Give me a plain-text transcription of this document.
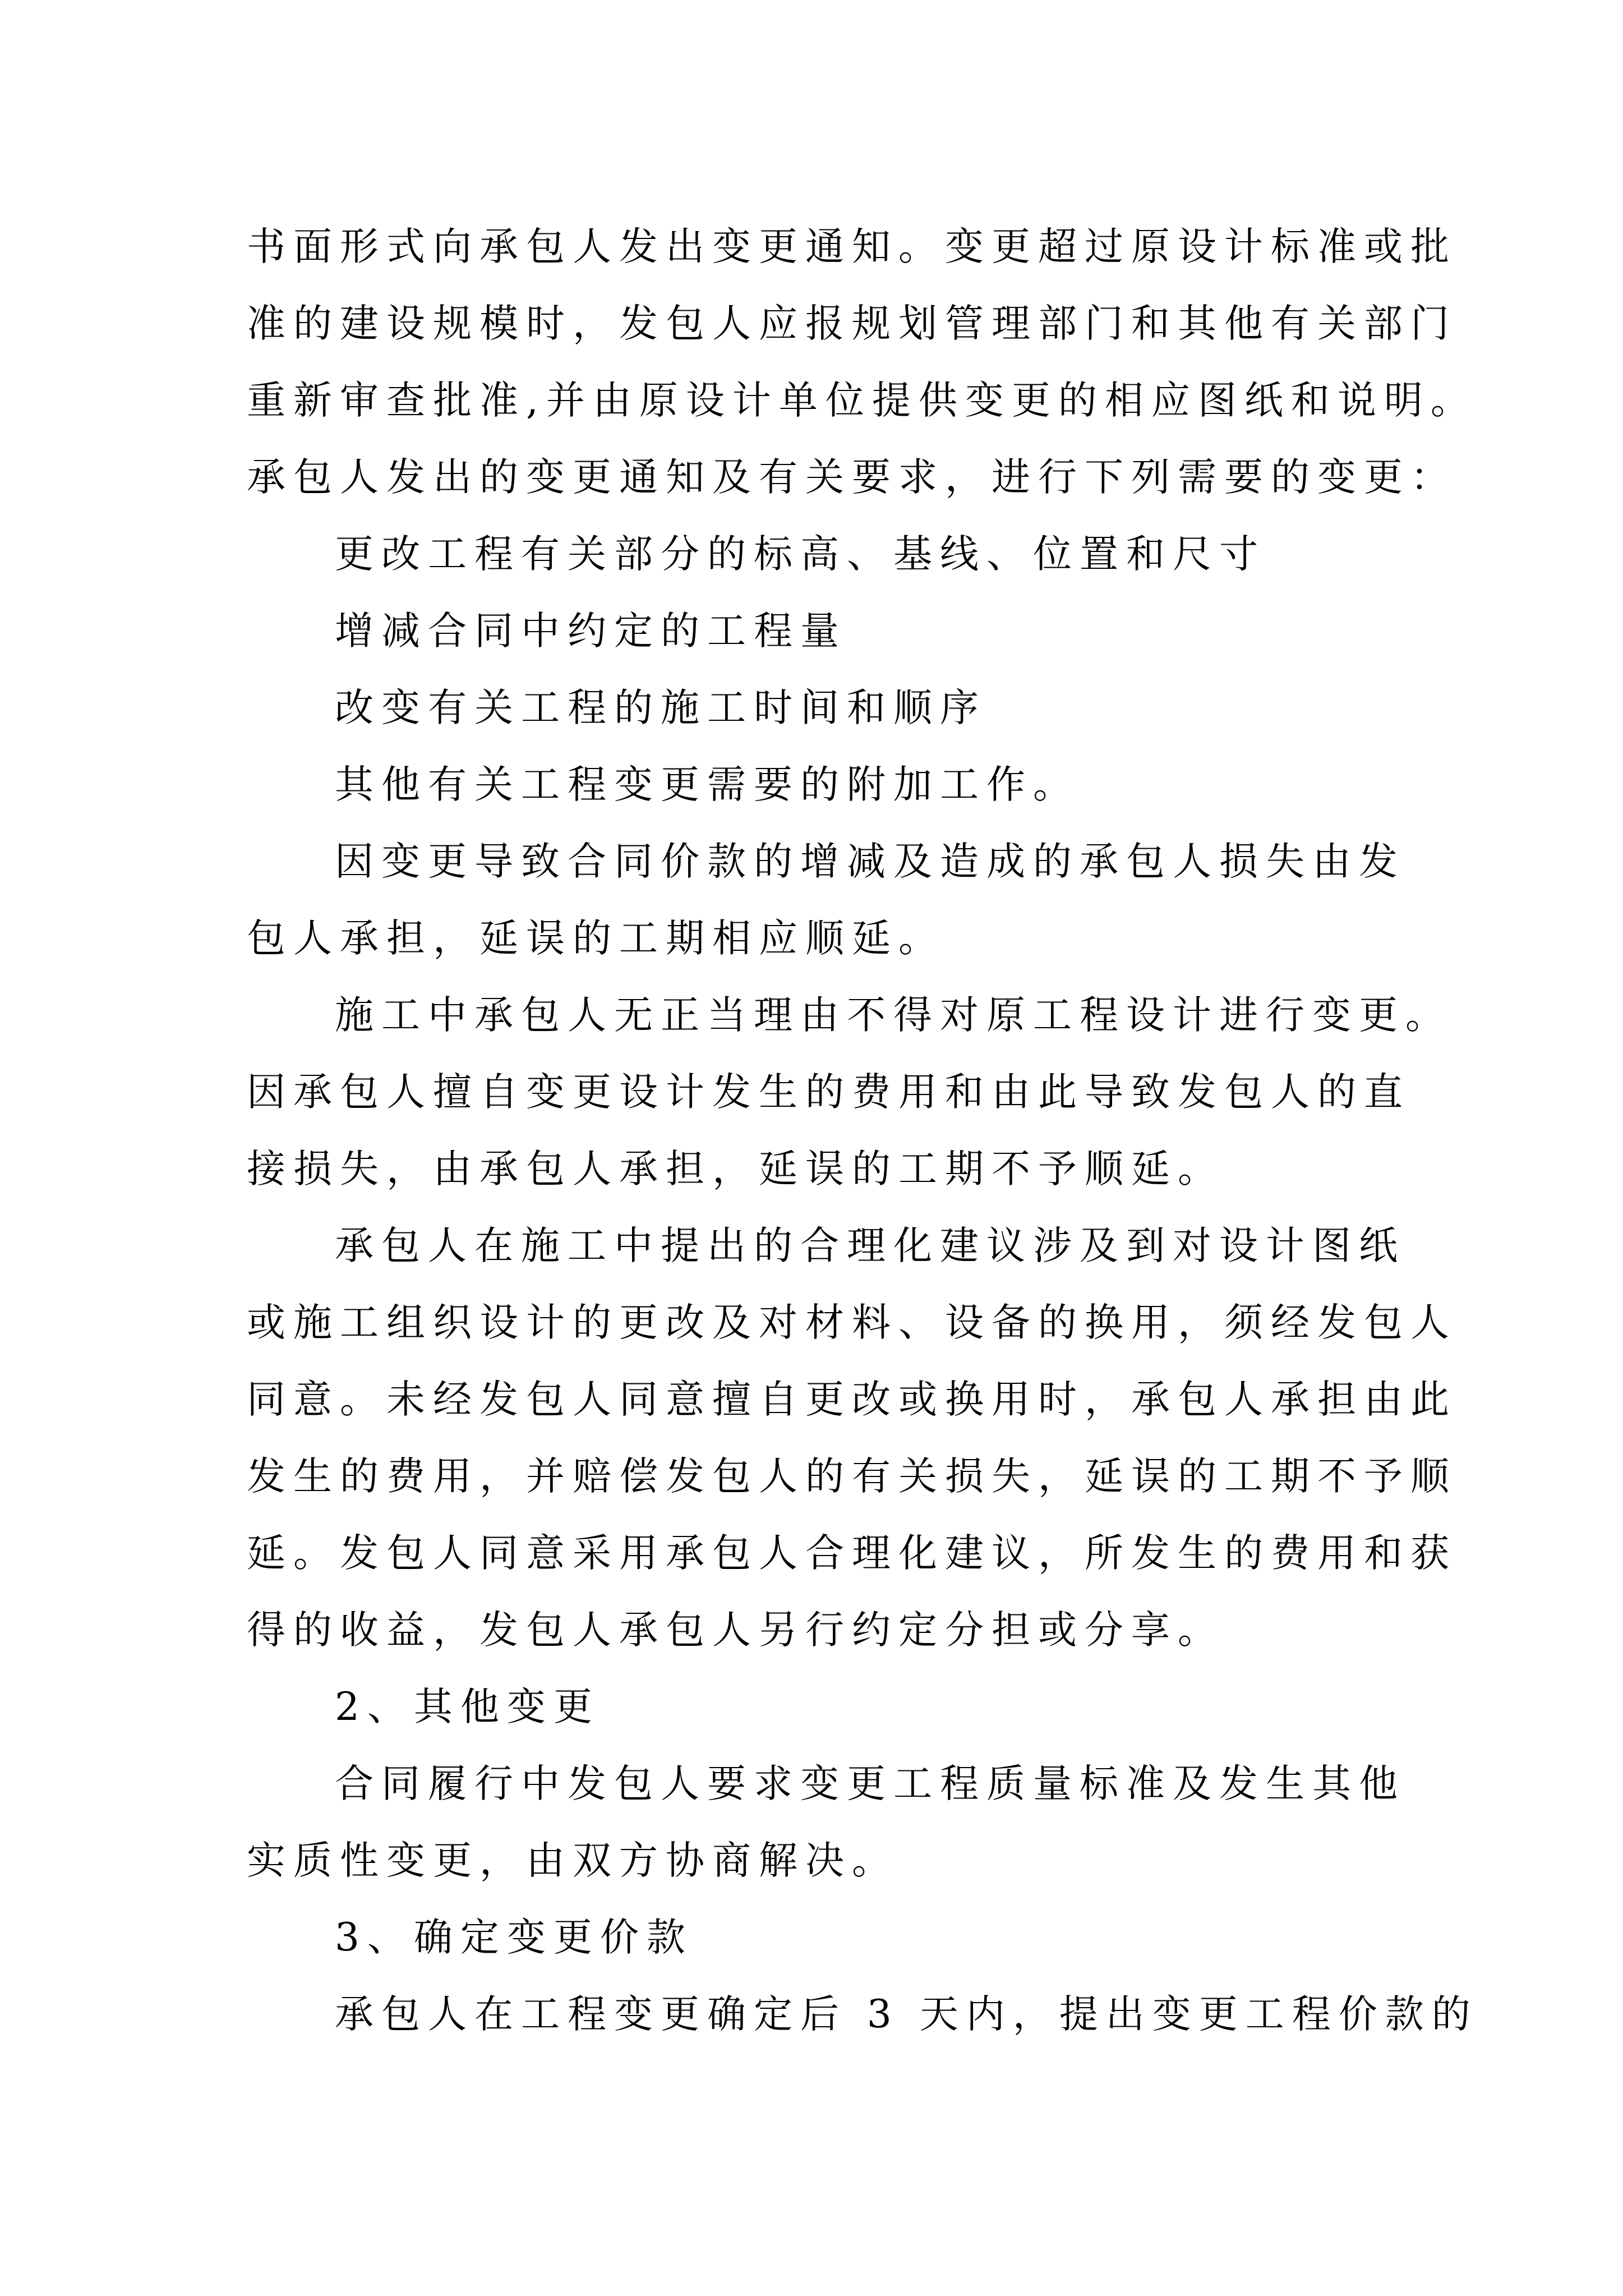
书面形式向承包人发出变更通知。变更超过原设计标准或批
准的建设规模时，发包人应报规划管理部门和其他有关部门
重新审查批准,并由原设计单位提供变更的相应图纸和说明。
承包人发出的变更通知及有关要求，进行下列需要的变更：
更改工程有关部分的标高、基线、位置和尺寸
增减合同中约定的工程量
改变有关工程的施工时间和顺序
其他有关工程变更需要的附加工作。
因变更导致合同价款的增减及造成的承包人损失由发
包人承担，延误的工期相应顺延。
施工中承包人无正当理由不得对原工程设计进行变更。
因承包人擅自变更设计发生的费用和由此导致发包人的直
接损失，由承包人承担，延误的工期不予顺延。
承包人在施工中提出的合理化建议涉及到对设计图纸
或施工组织设计的更改及对材料、设备的换用，须经发包人
同意。未经发包人同意擅自更改或换用时，承包人承担由此
发生的费用，并赔偿发包人的有关损失，延误的工期不予顺
延。发包人同意采用承包人合理化建议，所发生的费用和获
得的收益，发包人承包人另行约定分担或分享。
2、其他变更
合同履行中发包人要求变更工程质量标准及发生其他
实质性变更，由双方协商解决。
3、确定变更价款
承包人在工程变更确定后 3 天内，提出变更工程价款的
